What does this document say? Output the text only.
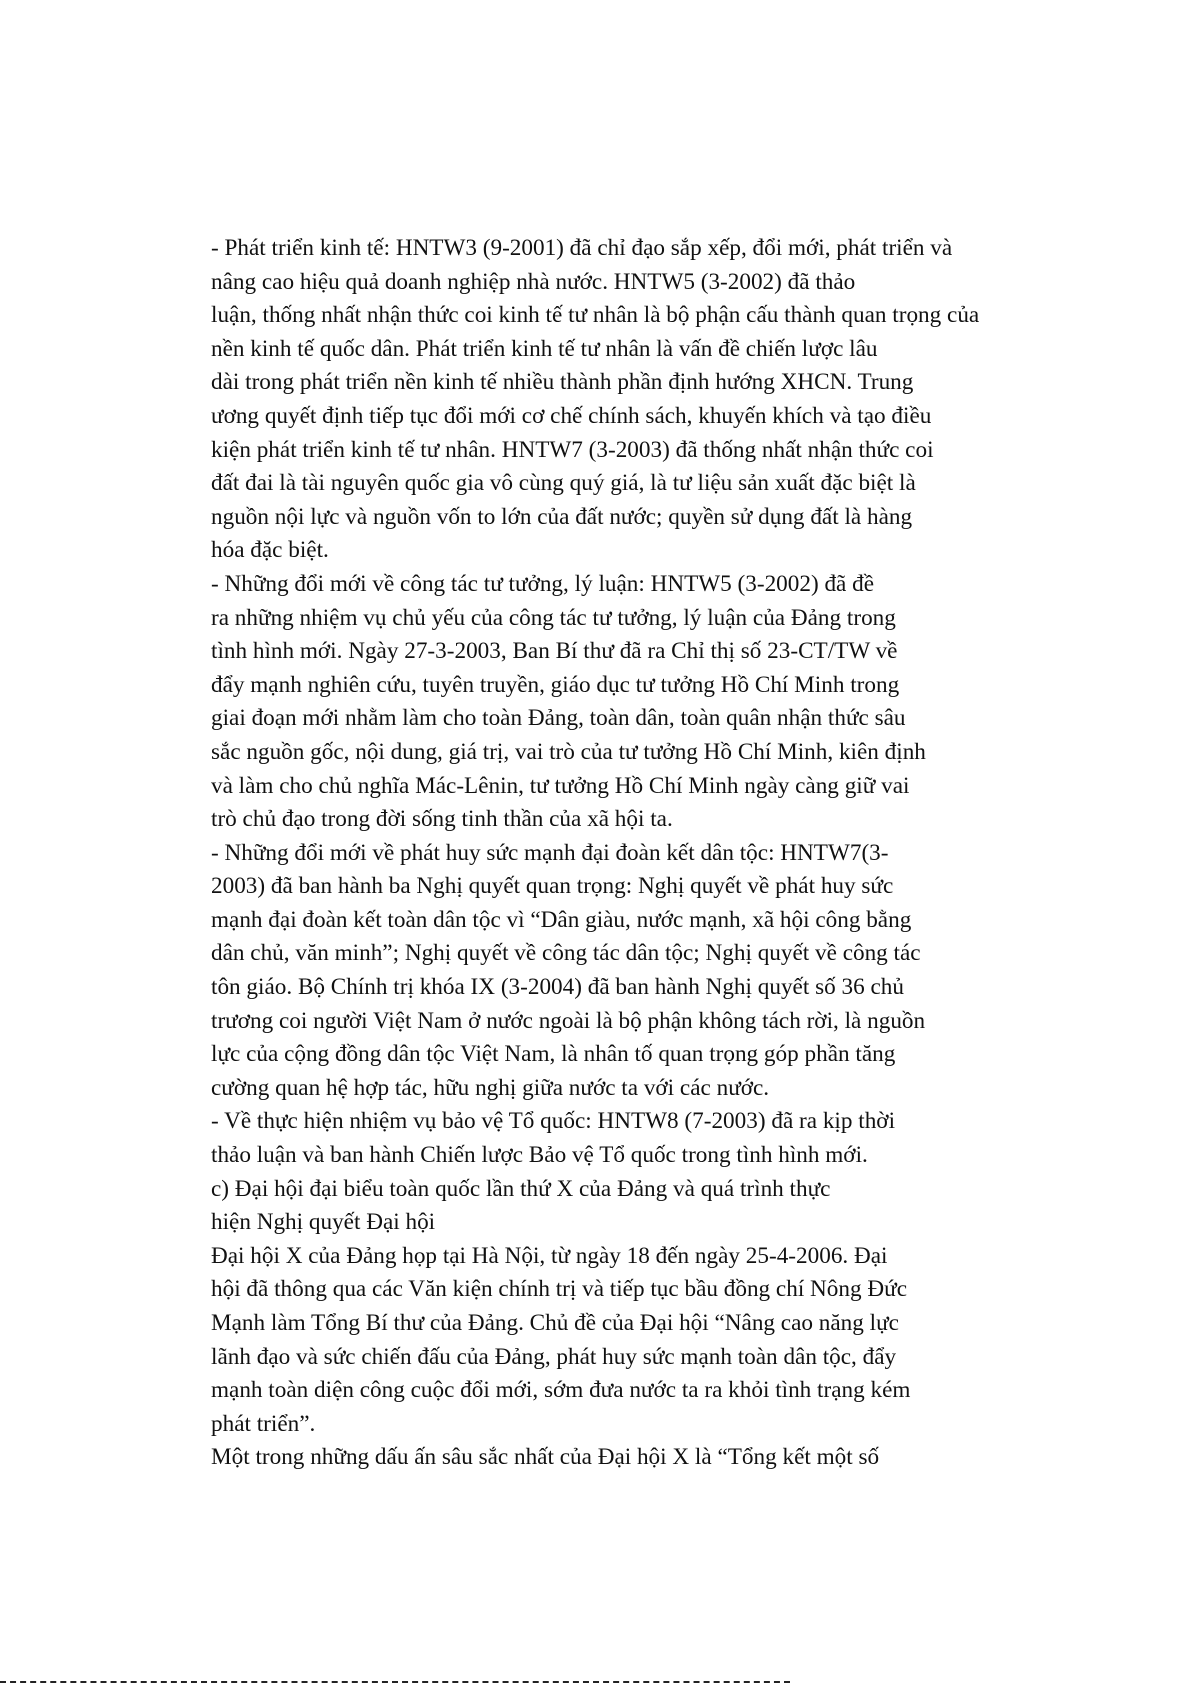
- Phát triển kinh tế: HNTW3 (9-2001) đã chỉ đạo sắp xếp, đổi mới, phát triển và
nâng cao hiệu quả doanh nghiệp nhà nước. HNTW5 (3-2002) đã thảo
luận, thống nhất nhận thức coi kinh tế tư nhân là bộ phận cấu thành quan trọng của
nền kinh tế quốc dân. Phát triển kinh tế tư nhân là vấn đề chiến lược lâu
dài trong phát triển nền kinh tế nhiều thành phần định hướng XHCN. Trung
ương quyết định tiếp tục đổi mới cơ chế chính sách, khuyến khích và tạo điều
kiện phát triển kinh tế tư nhân. HNTW7 (3-2003) đã thống nhất nhận thức coi
đất đai là tài nguyên quốc gia vô cùng quý giá, là tư liệu sản xuất đặc biệt là
nguồn nội lực và nguồn vốn to lớn của đất nước; quyền sử dụng đất là hàng
hóa đặc biệt.
- Những đổi mới về công tác tư tưởng, lý luận: HNTW5 (3-2002) đã đề
ra những nhiệm vụ chủ yếu của công tác tư tưởng, lý luận của Đảng trong
tình hình mới. Ngày 27-3-2003, Ban Bí thư đã ra Chỉ thị số 23-CT/TW về
đẩy mạnh nghiên cứu, tuyên truyền, giáo dục tư tưởng Hồ Chí Minh trong
giai đoạn mới nhằm làm cho toàn Đảng, toàn dân, toàn quân nhận thức sâu
sắc nguồn gốc, nội dung, giá trị, vai trò của tư tưởng Hồ Chí Minh, kiên định
và làm cho chủ nghĩa Mác-Lênin, tư tưởng Hồ Chí Minh ngày càng giữ vai
trò chủ đạo trong đời sống tinh thần của xã hội ta.
- Những đổi mới về phát huy sức mạnh đại đoàn kết dân tộc: HNTW7(3-
2003) đã ban hành ba Nghị quyết quan trọng: Nghị quyết về phát huy sức
mạnh đại đoàn kết toàn dân tộc vì “Dân giàu, nước mạnh, xã hội công bằng
dân chủ, văn minh”; Nghị quyết về công tác dân tộc; Nghị quyết về công tác
tôn giáo. Bộ Chính trị khóa IX (3-2004) đã ban hành Nghị quyết số 36 chủ
trương coi người Việt Nam ở nước ngoài là bộ phận không tách rời, là nguồn
lực của cộng đồng dân tộc Việt Nam, là nhân tố quan trọng góp phần tăng
cường quan hệ hợp tác, hữu nghị giữa nước ta với các nước.
- Về thực hiện nhiệm vụ bảo vệ Tổ quốc: HNTW8 (7-2003) đã ra kịp thời
thảo luận và ban hành Chiến lược Bảo vệ Tổ quốc trong tình hình mới.
c) Đại hội đại biểu toàn quốc lần thứ X của Đảng và quá trình thực
hiện Nghị quyết Đại hội
Đại hội X của Đảng họp tại Hà Nội, từ ngày 18 đến ngày 25-4-2006. Đại
hội đã thông qua các Văn kiện chính trị và tiếp tục bầu đồng chí Nông Đức
Mạnh làm Tổng Bí thư của Đảng. Chủ đề của Đại hội “Nâng cao năng lực
lãnh đạo và sức chiến đấu của Đảng, phát huy sức mạnh toàn dân tộc, đẩy
mạnh toàn diện công cuộc đổi mới, sớm đưa nước ta ra khỏi tình trạng kém
phát triển”.
Một trong những dấu ấn sâu sắc nhất của Đại hội X là “Tổng kết một số
